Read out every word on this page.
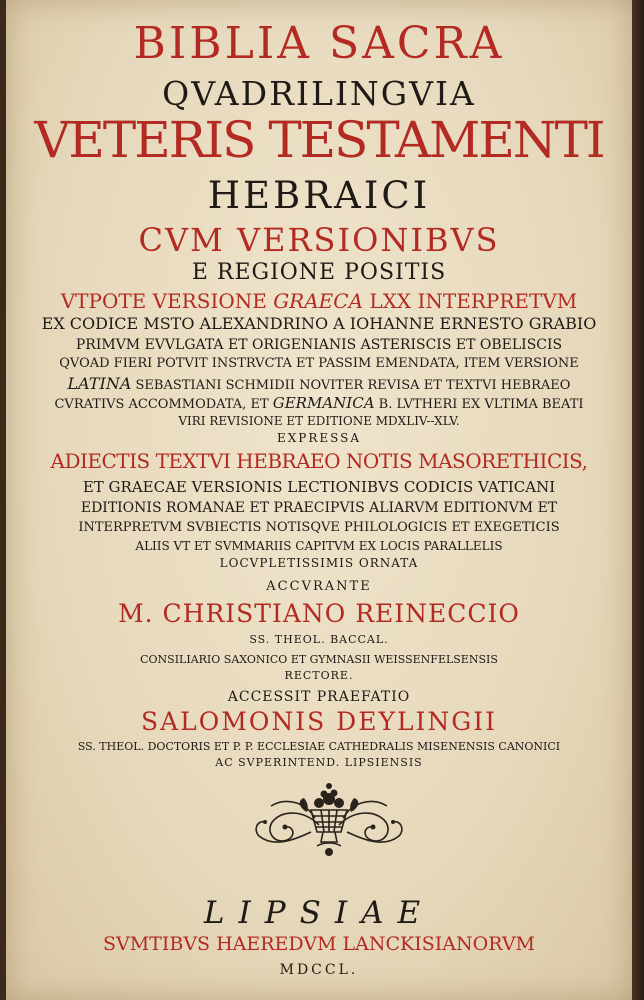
BIBLIA SACRA
QVADRILINGVIA
VETERIS TESTAMENTI
HEBRAICI
CVM VERSIONIBVS
E REGIONE POSITIS
VTPOTE VERSIONE GRAECA LXX INTERPRETVM
EX CODICE MSTO ALEXANDRINO A IOHANNE ERNESTO GRABIO
PRIMVM EVVLGATA ET ORIGENIANIS ASTERISCIS ET OBELISCIS
QVOAD FIERI POTVIT INSTRVCTA ET PASSIM EMENDATA, ITEM VERSIONE
LATINA SEBASTIANI SCHMIDII NOVITER REVISA ET TEXTVI HEBRAEO
CVRATIVS ACCOMMODATA, ET GERMANICA B. LVTHERI EX VLTIMA BEATI
VIRI REVISIONE ET EDITIONE MDXLIV--XLV.
EXPRESSA
ADIECTIS TEXTVI HEBRAEO NOTIS MASORETHICIS,
ET GRAECAE VERSIONIS LECTIONIBVS CODICIS VATICANI
EDITIONIS ROMANAE ET PRAECIPVIS ALIARVM EDITIONVM ET
INTERPRETVM SVBIECTIS NOTISQVE PHILOLOGICIS ET EXEGETICIS
ALIIS VT ET SVMMARIIS CAPITVM EX LOCIS PARALLELIS
LOCVPLETISSIMIS ORNATA
ACCVRANTE
M. CHRISTIANO REINECCIO
SS. THEOL. BACCAL.
CONSILIARIO SAXONICO ET GYMNASII WEISSENFELSENSIS
RECTORE.
ACCESSIT PRAEFATIO
SALOMONIS DEYLINGII
SS. THEOL. DOCTORIS ET P. P. ECCLESIAE CATHEDRALIS MISENENSIS CANONICI
AC SVPERINTEND. LIPSIENSIS
LIPSIAE
SVMTIBVS HAEREDVM LANCKISIANORVM
MDCCL.
